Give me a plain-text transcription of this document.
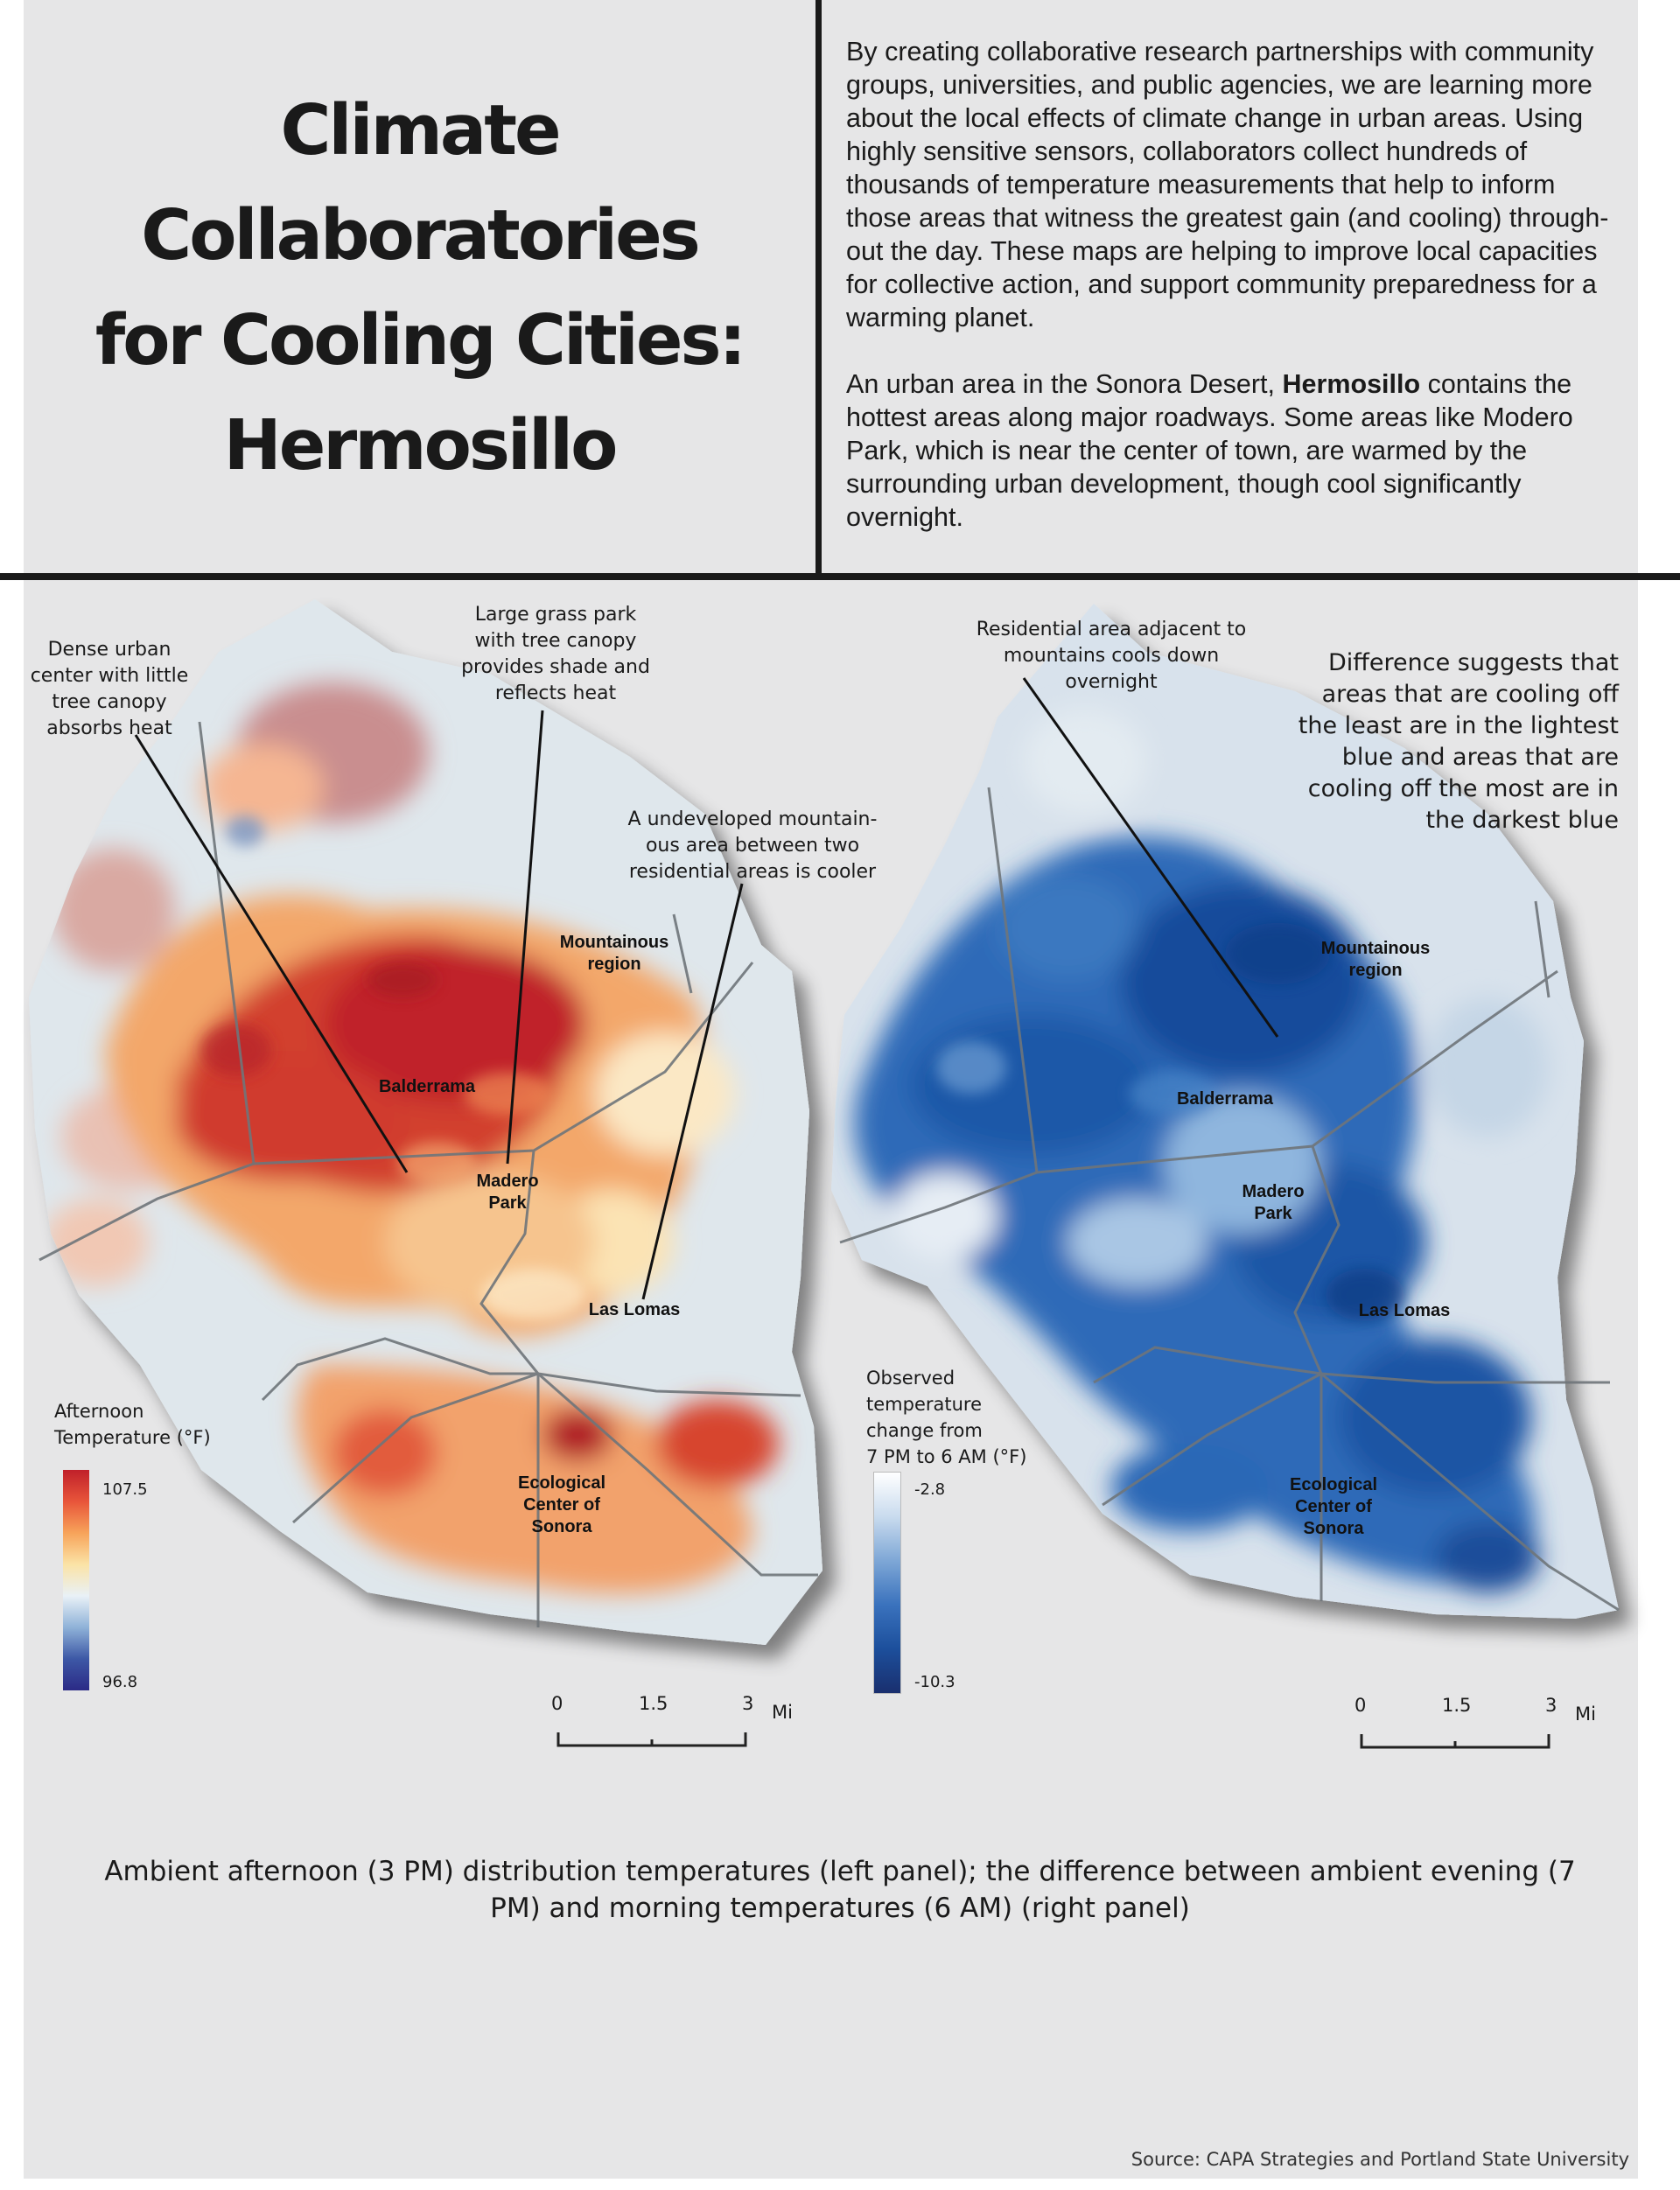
Climate Collaboratories
for Cooling Cities:
Hermosillo

By creating collaborative research partnerships with community groups, universities, and public agencies, we are learning more about the local effects of climate change in urban areas. Using highly sensitive sensors, collaborators collect hundreds of thousands of temperature measurements that help to inform those areas that witness the greatest gain (and cooling) through-out the day. These maps are helping to improve local capacities for collective action, and support community preparedness for a warming planet.

An urban area in the Sonora Desert, Hermosillo contains the hottest areas along major roadways. Some areas like Modero Park, which is near the center of town, are warmed by the surrounding urban development, though cool significantly overnight.

Dense urban
center with little
tree canopy
absorbs heat
Large grass park
with tree canopy
provides shade and
reflects heat
A undeveloped mountain-
ous area between two
residential areas is cooler
Mountainous
region
Balderrama
Madero
Park
Las Lomas
Ecological
Center of
Sonora
Afternoon
Temperature (°F)
107.5
96.8
0	1.5	3 Mi
Residential area adjacent to
mountains cools down
overnight
Difference suggests that
areas that are cooling off
the least are in the lightest
blue and areas that are
cooling off the most are in
the darkest blue
Mountainous
region
Balderrama
Madero
Park
Las Lomas
Ecological
Center of
Sonora
Observed
temperature
change from
7 PM to 6 AM (°F)
-2.8
-10.3
0	1.5	3 Mi
Ambient afternoon (3 PM) distribution temperatures (left panel); the difference between ambient evening (7 PM) and morning temperatures (6 AM) (right panel)
Source: CAPA Strategies and Portland State University
